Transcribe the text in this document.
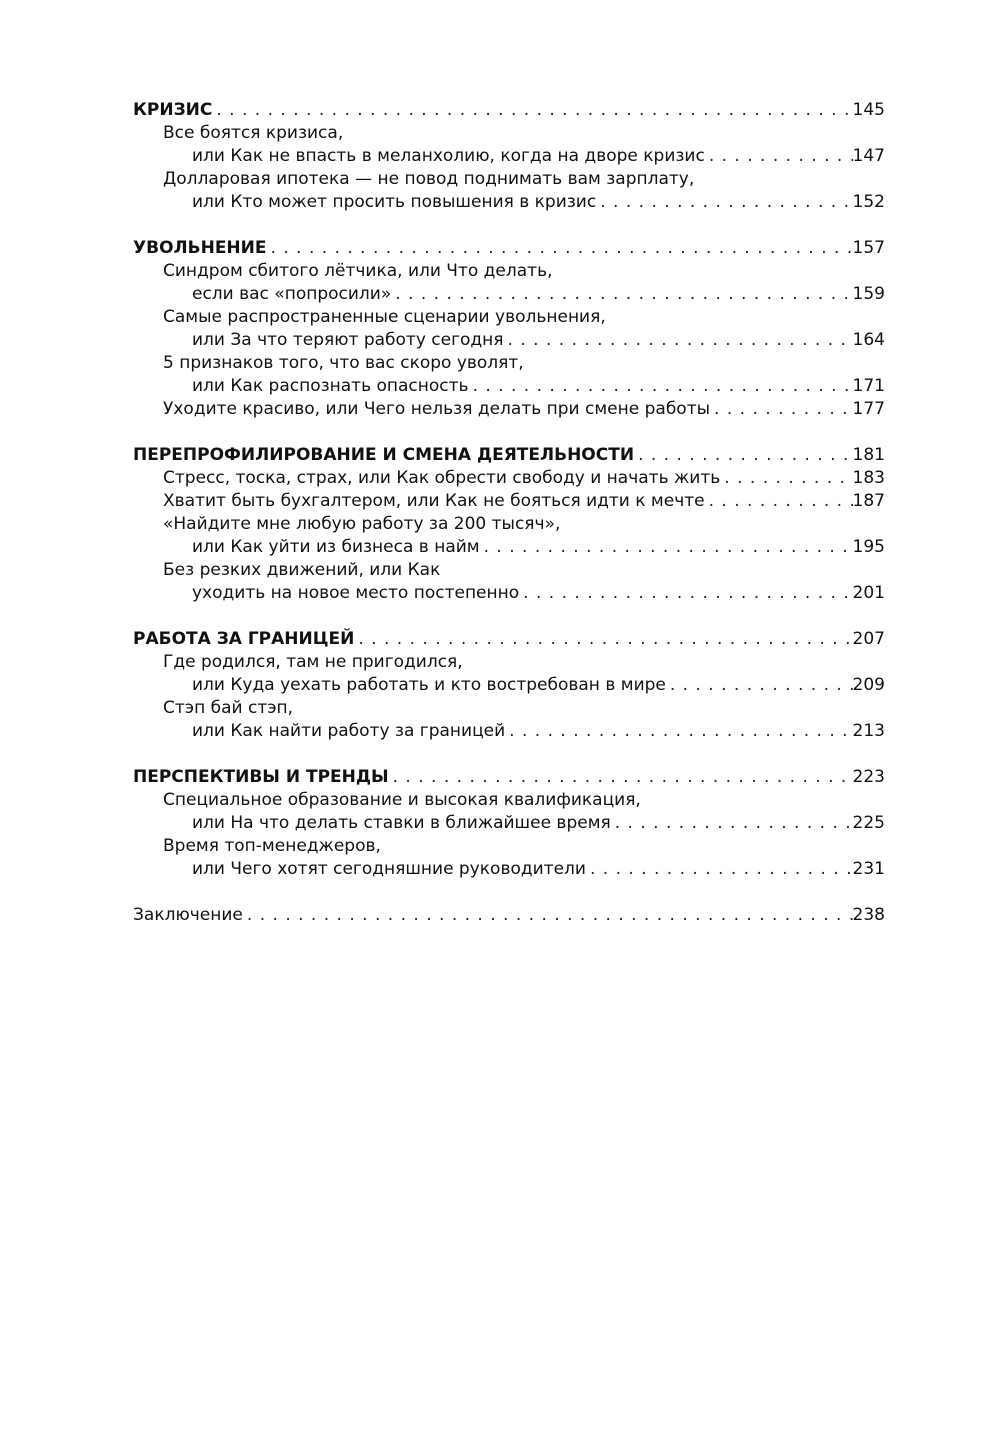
КРИЗИС . . .	145
Все боятся кризиса,
или Как не впасть в меланхолию, когда на дворе кризис . . .	147
Долларовая ипотека — не повод поднимать вам зарплату,
или Кто может просить повышения в кризис . . .	152
УВОЛЬНЕНИЕ . . .	157
Синдром сбитого лётчика, или Что делать,
если вас «попросили» . . .	159
Самые распространенные сценарии увольнения,
или За что теряют работу сегодня . . .	164
5 признаков того, что вас скоро уволят,
или Как распознать опасность . . .	171
Уходите красиво, или Чего нельзя делать при смене работы . . .	177
ПЕРЕПРОФИЛИРОВАНИЕ И СМЕНА ДЕЯТЕЛЬНОСТИ . . .	181
Стресс, тоска, страх, или Как обрести свободу и начать жить . . .	183
Хватит быть бухгалтером, или Как не бояться идти к мечте . . .	187
«Найдите мне любую работу за 200 тысяч»,
или Как уйти из бизнеса в найм . . .	195
Без резких движений, или Как
уходить на новое место постепенно . . .	201
РАБОТА ЗА ГРАНИЦЕЙ . . .	207
Где родился, там не пригодился,
или Куда уехать работать и кто востребован в мире . . .	209
Стэп бай стэп,
или Как найти работу за границей . . .	213
ПЕРСПЕКТИВЫ И ТРЕНДЫ . . .	223
Специальное образование и высокая квалификация,
или На что делать ставки в ближайшее время . . .	225
Время топ-менеджеров,
или Чего хотят сегодняшние руководители . . .	231
Заключение . . .	238
